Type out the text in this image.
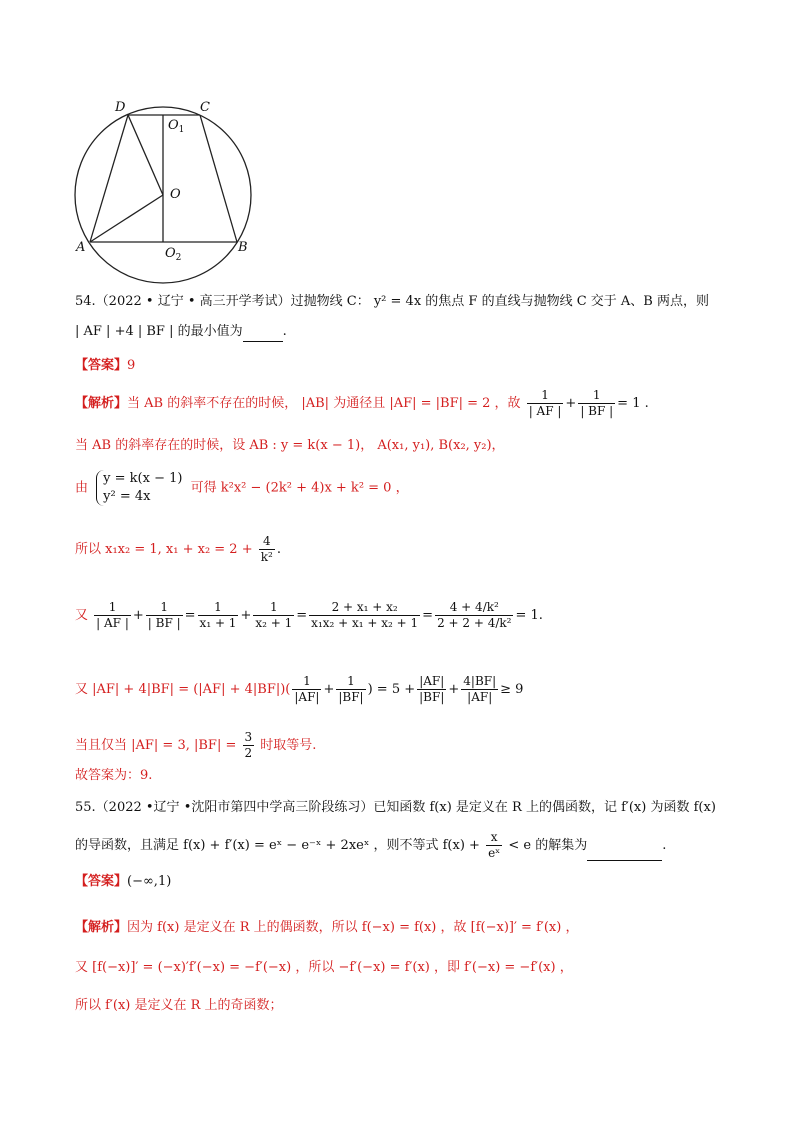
D	C
$O_1$
O
A	B
$O_2$
54.（2022 • 辽宁 • 高三开学考试）过抛物线 C： y² = 4x 的焦点 F 的直线与抛物线 C 交于 A、B 两点，则
| AF | +4 | BF | 的最小值为	.
【答案】9
【解析】当 AB 的斜率不存在的时候， |AB| 为通径且 |AF| = |BF| = 2 ，故 $\frac{1}{| AF |} + \frac{1}{| BF |} = 1$ .
当 AB 的斜率存在的时候，设 AB : y = k(x − 1)， A(x₁, y₁), B(x₂, y₂)，
由
y = k(x − 1)
y² = 4x
可得 k²x² − (2k² + 4)x + k² = 0 ，
所以 x₁x₂ = 1, $x_1 + x_2 = 2 + \frac{4}{\text{k²}}$ .
又 $\frac{1}{| AF |} + \frac{1}{| BF |} = \frac{1}{\text{x₁ + 1}} + \frac{1}{\text{x₂ + 1}} = \frac{\text{2 + x₁ + x₂}}{\text{x₁x₂ + x₁ + x₂ + 1}} = \frac{\text{4 + 4/k²}}{\text{2 + 2 + 4/k²}} = 1$.
又 $|AF| + 4|BF| = (|AF| + 4|BF|)( \frac{1}{|AF|} + \frac{1}{|BF|}$ ) = $5 + \frac{|AF|}{|BF|} + \frac{4|BF|}{|AF|} \ge 9$
当且仅当 |AF| = 3, $|BF| = \frac{3}{2}$ 时取等号.
故答案为：9.
55.（2022 •辽宁 •沈阳市第四中学高三阶段练习）已知函数 f(x) 是定义在 R 上的偶函数，记 f′(x) 为函数 f(x)
的导函数，且满足 f(x) + f′(x) = eˣ − e⁻ˣ + 2xeˣ ，则不等式 $f(x) + \frac{x}{\text{eˣ}} < e$ 的解集为	.
【答案】(−∞,1)
【解析】因为 f(x) 是定义在 R 上的偶函数，所以 f(−x) = f(x) ，故 [f(−x)]′ = f′(x) ，
又 [f(−x)]′ = (−x)′f′(−x) = −f′(−x) ，所以 −f′(−x) = f′(x) ，即 f′(−x) = −f′(x) ，
所以 f′(x) 是定义在 R 上的奇函数；
